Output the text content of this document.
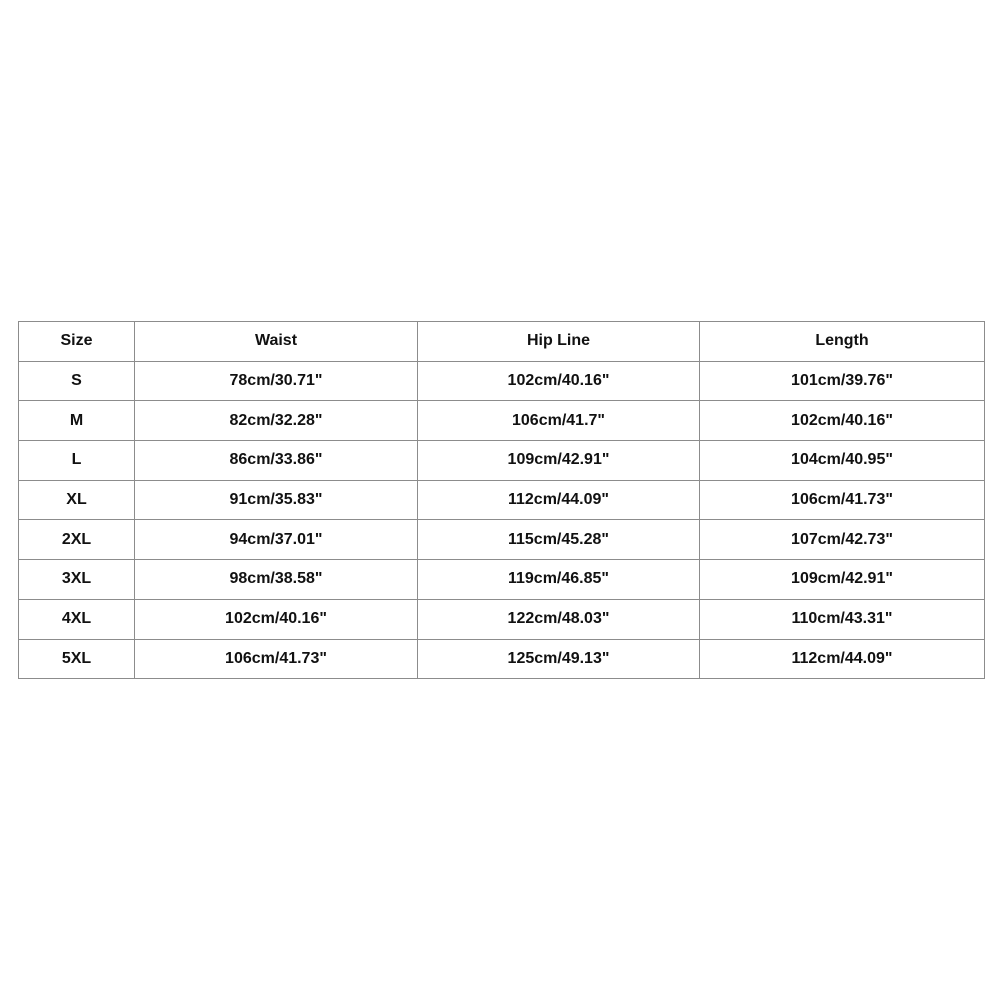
Size	Waist	Hip Line	Length
S	78cm/30.71"	102cm/40.16"	101cm/39.76"
M	82cm/32.28"	106cm/41.7"	102cm/40.16"
L	86cm/33.86"	109cm/42.91"	104cm/40.95"
XL	91cm/35.83"	112cm/44.09"	106cm/41.73"
2XL	94cm/37.01"	115cm/45.28"	107cm/42.73"
3XL	98cm/38.58"	119cm/46.85"	109cm/42.91"
4XL	102cm/40.16"	122cm/48.03"	110cm/43.31"
5XL	106cm/41.73"	125cm/49.13"	112cm/44.09"
